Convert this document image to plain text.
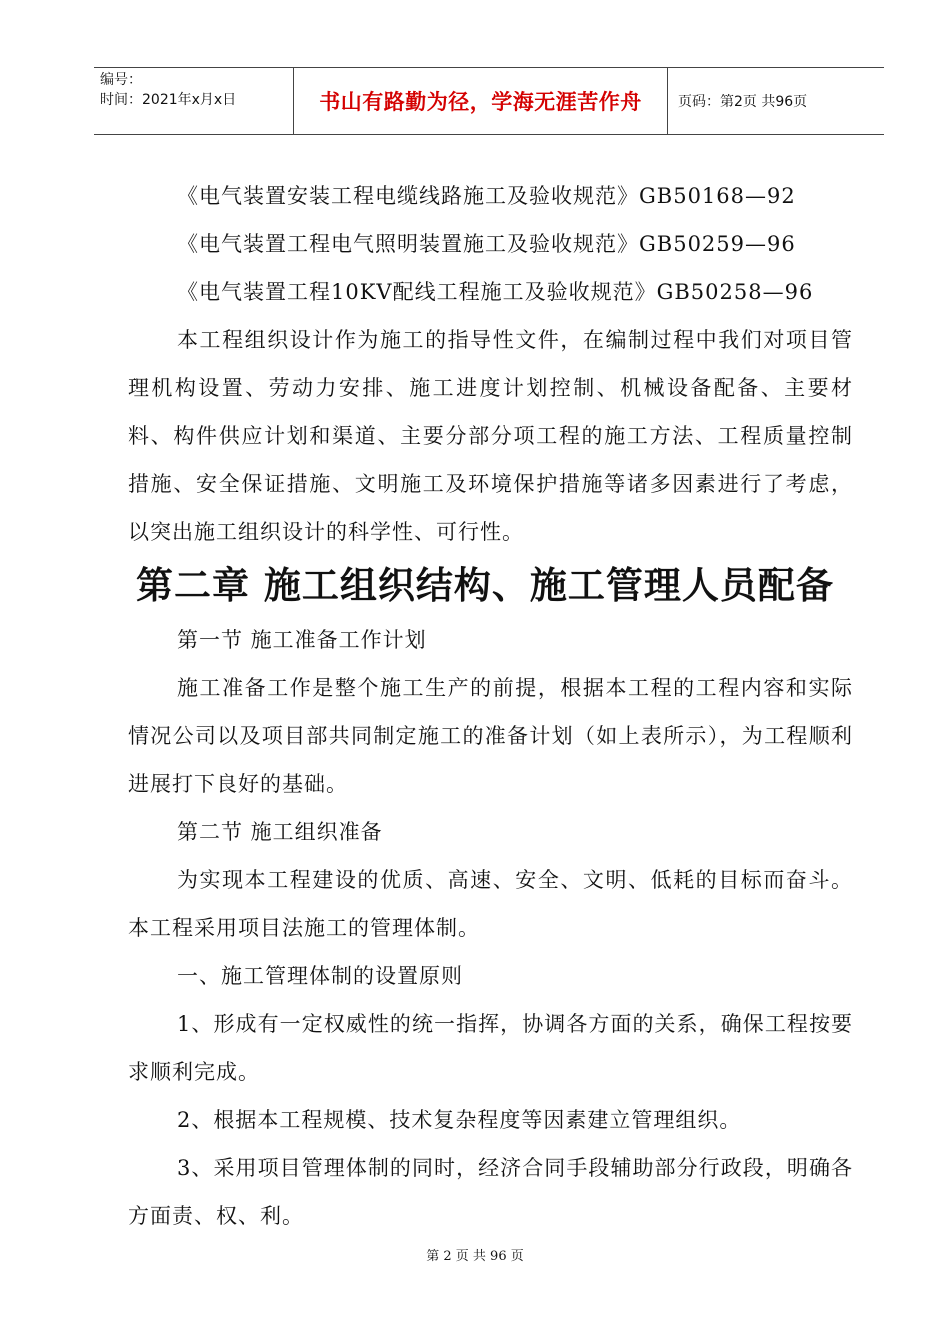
编号：
时间：2021年x月x日	书山有路勤为径，学海无涯苦作舟	页码：第2页 共96页

《电气装置安装工程电缆线路施工及验收规范》GB50168—92

《电气装置工程电气照明装置施工及验收规范》GB50259—96

《电气装置工程10KV配线工程施工及验收规范》GB50258—96

本工程组织设计作为施工的指导性文件，在编制过程中我们对项目管理机构设置、劳动力安排、施工进度计划控制、机械设备配备、主要材料、构件供应计划和渠道、主要分部分项工程的施工方法、工程质量控制措施、安全保证措施、文明施工及环境保护措施等诸多因素进行了考虑，以突出施工组织设计的科学性、可行性。

第二章 施工组织结构、施工管理人员配备

第一节 施工准备工作计划

施工准备工作是整个施工生产的前提，根据本工程的工程内容和实际情况公司以及项目部共同制定施工的准备计划（如上表所示），为工程顺利进展打下良好的基础。

第二节 施工组织准备

为实现本工程建设的优质、高速、安全、文明、低耗的目标而奋斗。本工程采用项目法施工的管理体制。

一、施工管理体制的设置原则

1、形成有一定权威性的统一指挥，协调各方面的关系，确保工程按要求顺利完成。

2、根据本工程规模、技术复杂程度等因素建立管理组织。

3、采用项目管理体制的同时，经济合同手段辅助部分行政段，明确各方面责、权、利。

第 2 页 共 96 页
